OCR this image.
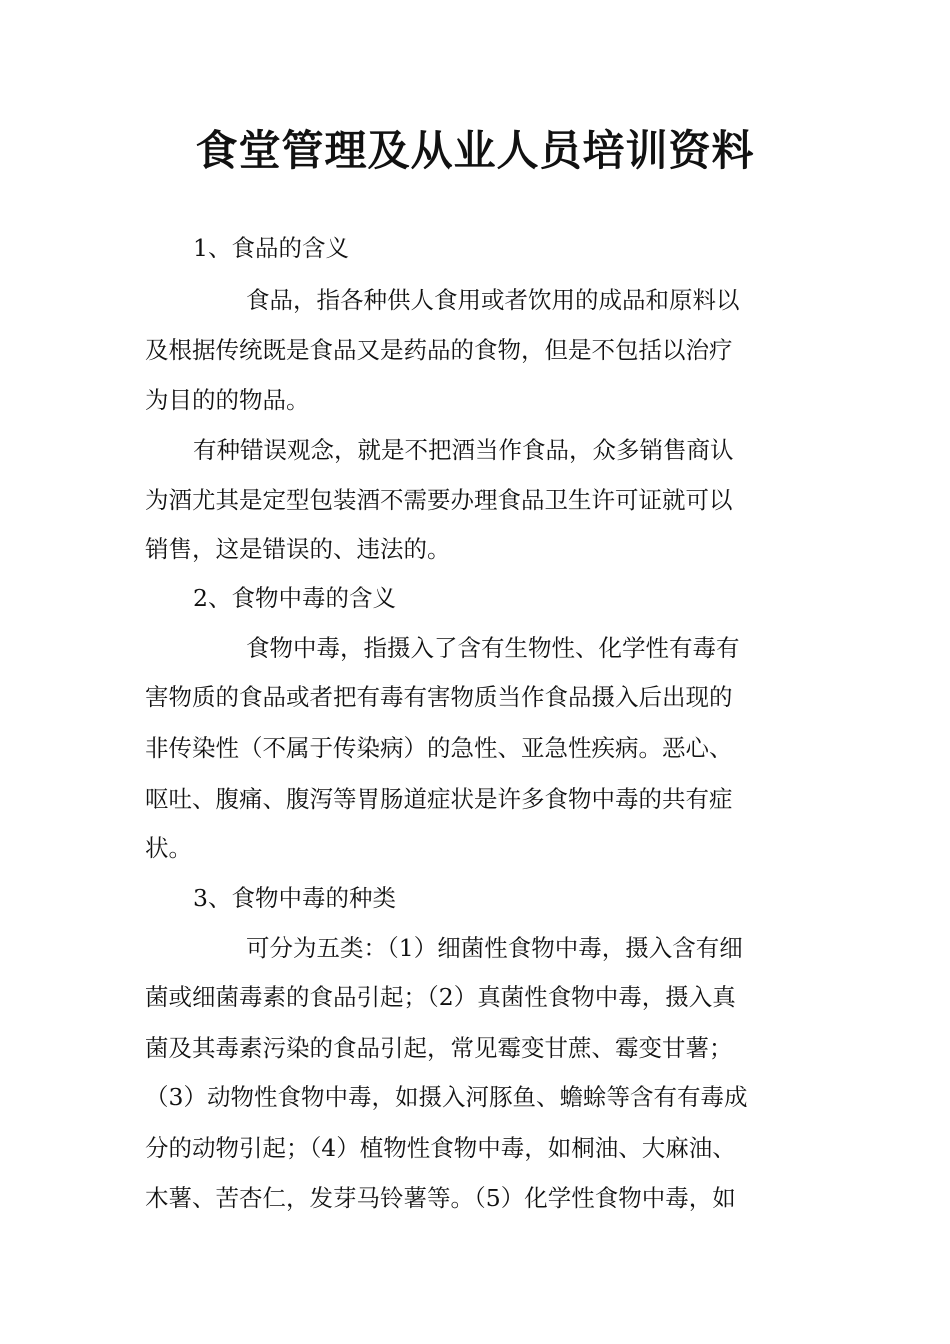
食堂管理及从业人员培训资料
1、食品的含义
食品，指各种供人食用或者饮用的成品和原料以
及根据传统既是食品又是药品的食物，但是不包括以治疗
为目的的物品。
有种错误观念，就是不把酒当作食品，众多销售商认
为酒尤其是定型包装酒不需要办理食品卫生许可证就可以
销售，这是错误的、违法的。
2、食物中毒的含义
食物中毒，指摄入了含有生物性、化学性有毒有
害物质的食品或者把有毒有害物质当作食品摄入后出现的
非传染性（不属于传染病）的急性、亚急性疾病。恶心、
呕吐、腹痛、腹泻等胃肠道症状是许多食物中毒的共有症
状。
3、食物中毒的种类
可分为五类：（1）细菌性食物中毒，摄入含有细
菌或细菌毒素的食品引起；（2）真菌性食物中毒，摄入真
菌及其毒素污染的食品引起，常见霉变甘蔗、霉变甘薯；
（3）动物性食物中毒，如摄入河豚鱼、蟾蜍等含有有毒成
分的动物引起；（4）植物性食物中毒，如桐油、大麻油、
木薯、苦杏仁，发芽马铃薯等。（5）化学性食物中毒，如
